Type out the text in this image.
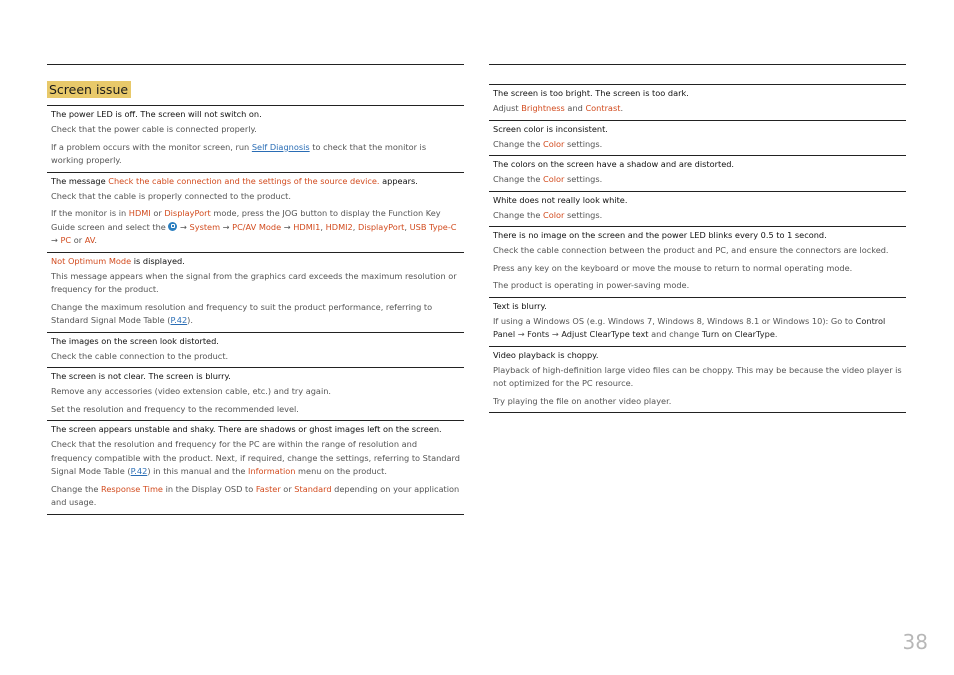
Screen issue
The power LED is off. The screen will not switch on.
Check that the power cable is connected properly.
If a problem occurs with the monitor screen, run Self Diagnosis to check that the monitor is working properly.
The message Check the cable connection and the settings of the source device. appears.
Check that the cable is properly connected to the product.
If the monitor is in HDMI or DisplayPort mode, press the JOG button to display the Function Key Guide screen and select the  → System → PC/AV Mode → HDMI1, HDMI2, DisplayPort, USB Type-C → PC or AV.
Not Optimum Mode is displayed.
This message appears when the signal from the graphics card exceeds the maximum resolution or frequency for the product.
Change the maximum resolution and frequency to suit the product performance, referring to Standard Signal Mode Table (P.42).
The images on the screen look distorted.
Check the cable connection to the product.
The screen is not clear. The screen is blurry.
Remove any accessories (video extension cable, etc.) and try again.
Set the resolution and frequency to the recommended level.
The screen appears unstable and shaky. There are shadows or ghost images left on the screen.
Check that the resolution and frequency for the PC are within the range of resolution and frequency compatible with the product. Next, if required, change the settings, referring to Standard Signal Mode Table (P.42) in this manual and the Information menu on the product.
Change the Response Time in the Display OSD to Faster or Standard depending on your application and usage.
The screen is too bright. The screen is too dark.
Adjust Brightness and Contrast.
Screen color is inconsistent.
Change the Color settings.
The colors on the screen have a shadow and are distorted.
Change the Color settings.
White does not really look white.
Change the Color settings.
There is no image on the screen and the power LED blinks every 0.5 to 1 second.
Check the cable connection between the product and PC, and ensure the connectors are locked.
Press any key on the keyboard or move the mouse to return to normal operating mode.
The product is operating in power-saving mode.
Text is blurry.
If using a Windows OS (e.g. Windows 7, Windows 8, Windows 8.1 or Windows 10): Go to Control Panel → Fonts → Adjust ClearType text and change Turn on ClearType.
Video playback is choppy.
Playback of high-definition large video files can be choppy. This may be because the video player is not optimized for the PC resource.
Try playing the file on another video player.
38
